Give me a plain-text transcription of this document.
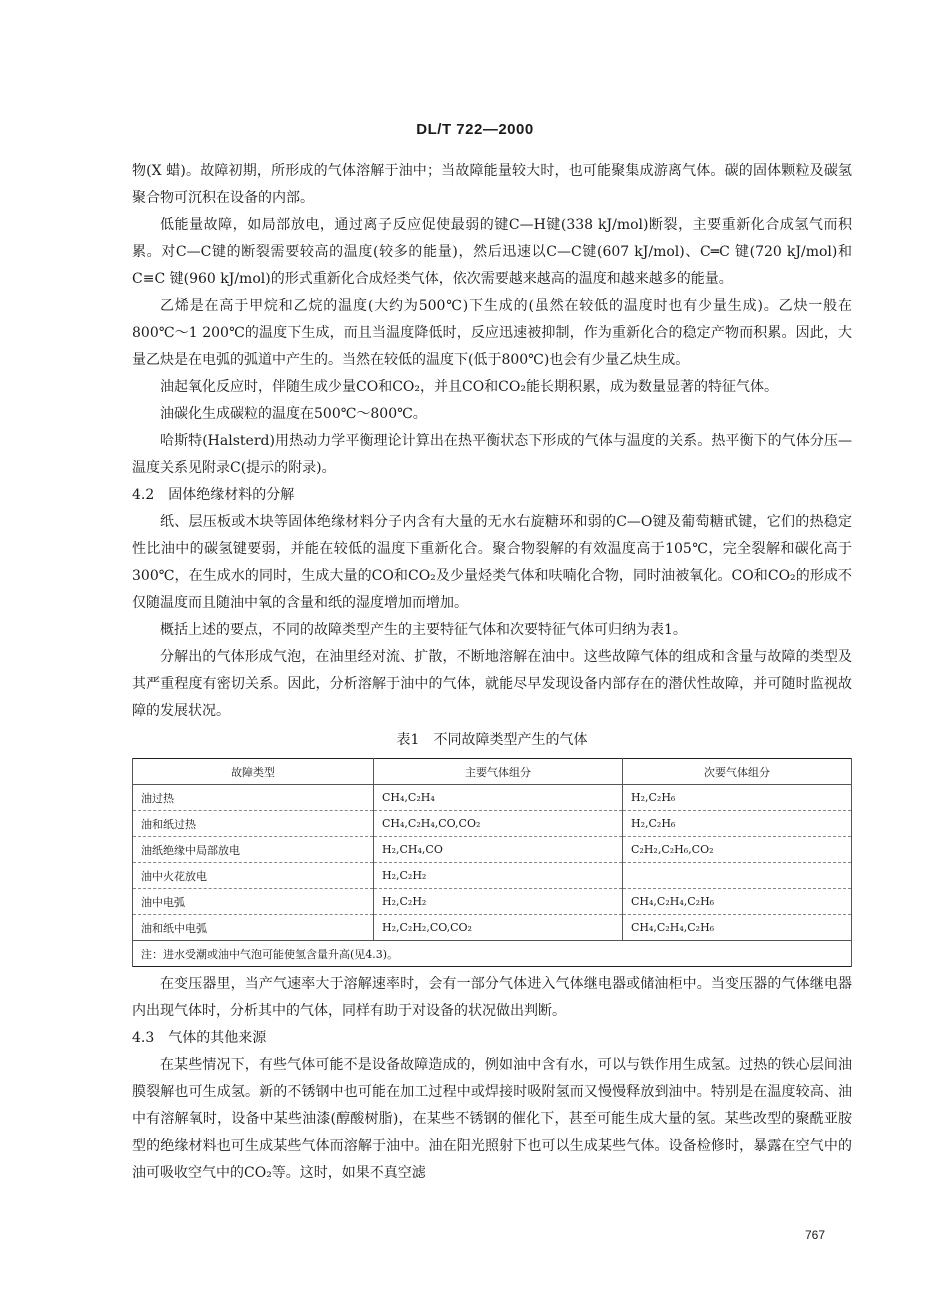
DL/T 722—2000

物(X 蜡)。故障初期，所形成的气体溶解于油中；当故障能量较大时，也可能聚集成游离气体。碳的固体颗粒及碳氢聚合物可沉积在设备的内部。

低能量故障，如局部放电，通过离子反应促使最弱的键C—H键(338 kJ/mol)断裂，主要重新化合成氢气而积累。对C—C键的断裂需要较高的温度(较多的能量)，然后迅速以C—C键(607 kJ/mol)、C═C 键(720 kJ/mol)和 C≡C 键(960 kJ/mol)的形式重新化合成烃类气体，依次需要越来越高的温度和越来越多的能量。

乙烯是在高于甲烷和乙烷的温度(大约为500℃)下生成的(虽然在较低的温度时也有少量生成)。乙炔一般在800℃～1 200℃的温度下生成，而且当温度降低时，反应迅速被抑制，作为重新化合的稳定产物而积累。因此，大量乙炔是在电弧的弧道中产生的。当然在较低的温度下(低于800℃)也会有少量乙炔生成。

油起氧化反应时，伴随生成少量CO和CO₂，并且CO和CO₂能长期积累，成为数量显著的特征气体。

油碳化生成碳粒的温度在500℃～800℃。

哈斯特(Halsterd)用热动力学平衡理论计算出在热平衡状态下形成的气体与温度的关系。热平衡下的气体分压—温度关系见附录C(提示的附录)。

4.2　固体绝缘材料的分解

纸、层压板或木块等固体绝缘材料分子内含有大量的无水右旋糖环和弱的C—O键及葡萄糖甙键，它们的热稳定性比油中的碳氢键要弱，并能在较低的温度下重新化合。聚合物裂解的有效温度高于105℃，完全裂解和碳化高于300℃，在生成水的同时，生成大量的CO和CO₂及少量烃类气体和呋喃化合物，同时油被氧化。CO和CO₂的形成不仅随温度而且随油中氧的含量和纸的湿度增加而增加。

概括上述的要点，不同的故障类型产生的主要特征气体和次要特征气体可归纳为表1。

分解出的气体形成气泡，在油里经对流、扩散，不断地溶解在油中。这些故障气体的组成和含量与故障的类型及其严重程度有密切关系。因此，分析溶解于油中的气体，就能尽早发现设备内部存在的潜伏性故障，并可随时监视故障的发展状况。

表1　不同故障类型产生的气体
故障类型	主要气体组分	次要气体组分
油过热	CH₄,C₂H₄	H₂,C₂H₆
油和纸过热	CH₄,C₂H₄,CO,CO₂	H₂,C₂H₆
油纸绝缘中局部放电	H₂,CH₄,CO	C₂H₂,C₂H₆,CO₂
油中火花放电	H₂,C₂H₂	
油中电弧	H₂,C₂H₂	CH₄,C₂H₄,C₂H₆
油和纸中电弧	H₂,C₂H₂,CO,CO₂	CH₄,C₂H₄,C₂H₆
注：进水受潮或油中气泡可能使氢含量升高(见4.3)。		

在变压器里，当产气速率大于溶解速率时，会有一部分气体进入气体继电器或储油柜中。当变压器的气体继电器内出现气体时，分析其中的气体，同样有助于对设备的状况做出判断。

4.3　气体的其他来源

在某些情况下，有些气体可能不是设备故障造成的，例如油中含有水，可以与铁作用生成氢。过热的铁心层间油膜裂解也可生成氢。新的不锈钢中也可能在加工过程中或焊接时吸附氢而又慢慢释放到油中。特别是在温度较高、油中有溶解氧时，设备中某些油漆(醇酸树脂)，在某些不锈钢的催化下，甚至可能生成大量的氢。某些改型的聚酰亚胺型的绝缘材料也可生成某些气体而溶解于油中。油在阳光照射下也可以生成某些气体。设备检修时，暴露在空气中的油可吸收空气中的CO₂等。这时，如果不真空滤

767
